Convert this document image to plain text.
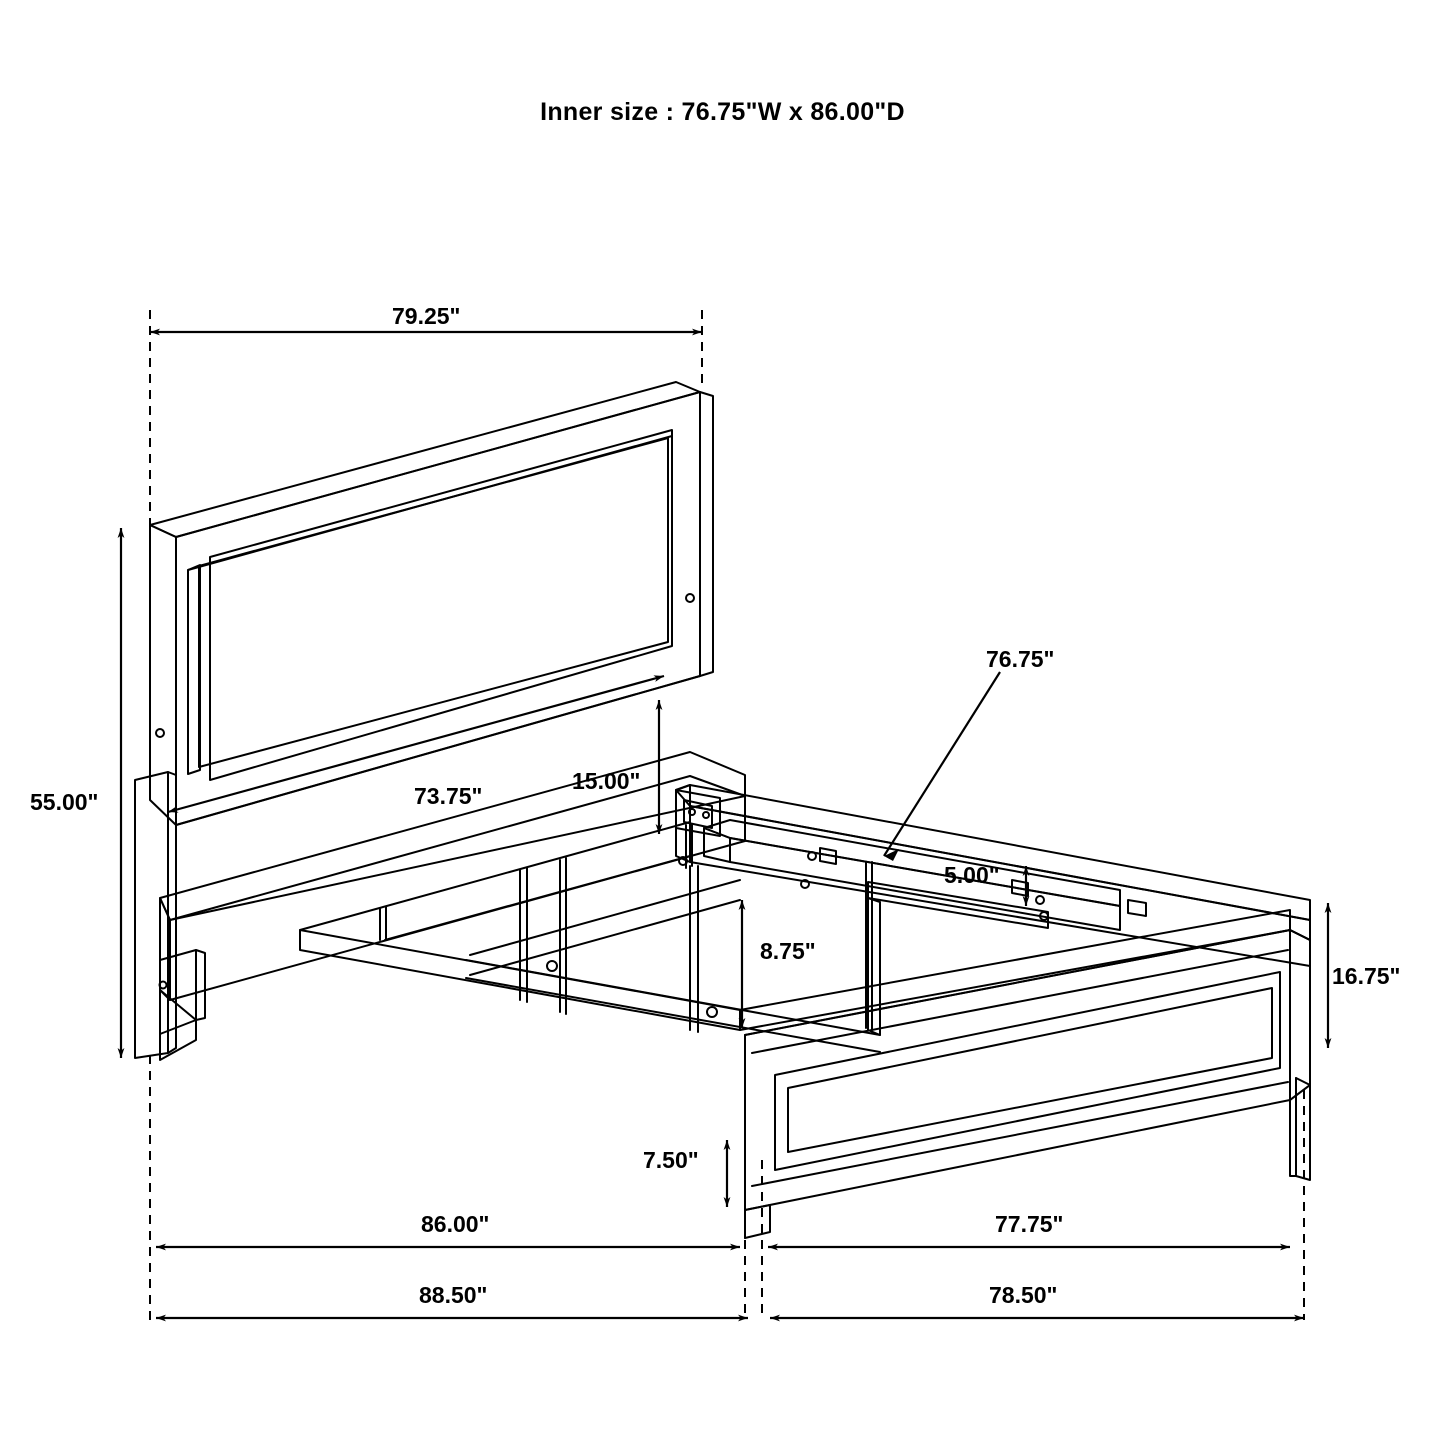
Inner size : 76.75"W x 86.00"D
79.25"
55.00"	73.75"
15.00"
76.75"
5.00"
8.75"
16.75"
7.50"
86.00"	77.75"
88.50"	78.50"
